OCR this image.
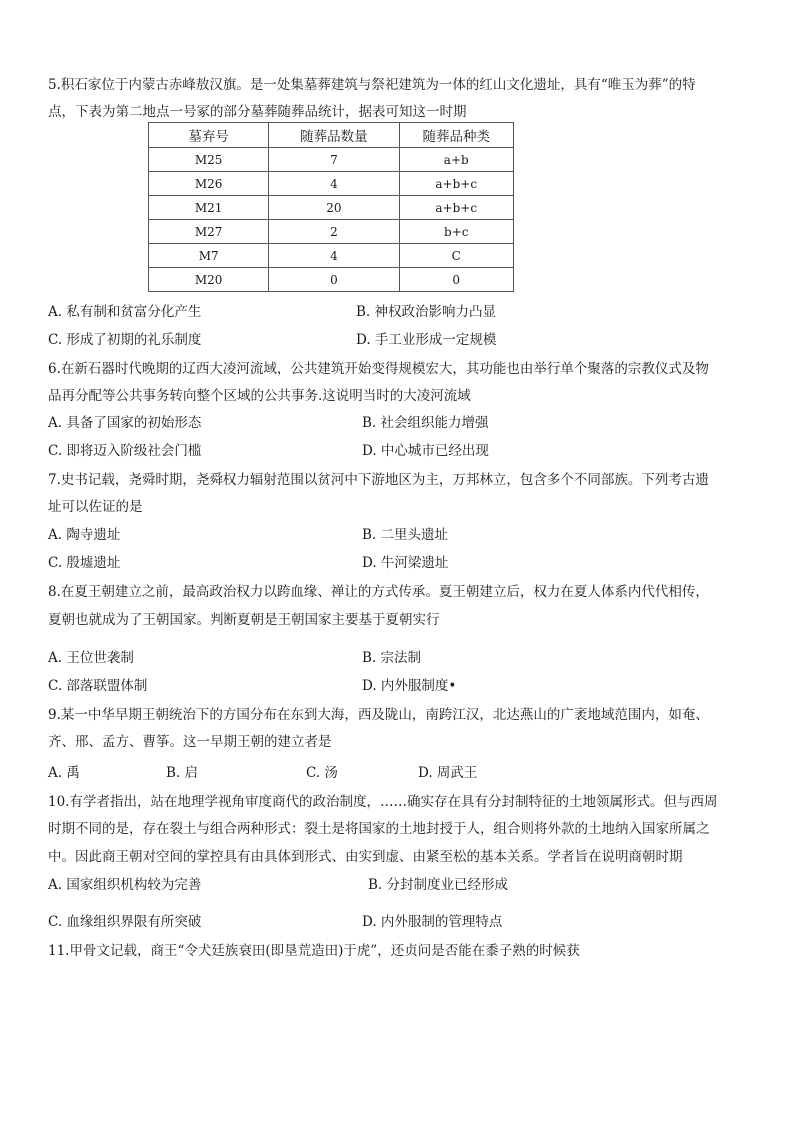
5.积石家位于内蒙古赤峰敖汉旗。是一处集墓葬建筑与祭祀建筑为一体的红山文化遗址，具有“唯玉为葬”的特
点，下表为第二地点一号冢的部分墓葬随葬品统计，据表可知这一时期
墓弃号	随葬品数量	随葬品种类
M25	7	a+b
M26	4	a+b+c
M21	20	a+b+c
M27	2	b+c
M7	4	C
M20	0	0
A. 私有制和贫富分化产生	B. 神权政治影响力凸显
C. 形成了初期的礼乐制度	D. 手工业形成一定规模
6.在新石器时代晚期的辽西大凌河流域，公共建筑开始变得规模宏大，其功能也由举行单个聚落的宗教仪式及物
品再分配等公共事务转向整个区域的公共事务.这说明当时的大凌河流域
A. 具备了国家的初始形态	B. 社会组织能力增强
C. 即将迈入阶级社会门槛	D. 中心城市已经出现
7.史书记载，尧舜时期，尧舜权力辐射范围以贫河中下游地区为主，万邦林立，包含多个不同部族。下列考古遗
址可以佐证的是
A. 陶寺遗址	B. 二里头遗址
C. 殷墟遗址	D. 牛河梁遗址
8.在夏王朝建立之前，最高政治权力以跨血缘、禅让的方式传承。夏王朝建立后，权力在夏人体系内代代相传，
夏朝也就成为了王朝国家。判断夏朝是王朝国家主要基于夏朝实行
A. 王位世袭制	B. 宗法制
C. 部落联盟体制	D. 内外服制度•
9.某一中华早期王朝统治下的方国分布在东到大海，西及陇山，南跨江汉，北达燕山的广袤地域范围内，如奄、
齐、邢、孟方、曹筝。这一早期王朝的建立者是
A. 禹	B. 启	C. 汤	D. 周武王
10.有学者指出，站在地理学视角审度商代的政治制度，……确实存在具有分封制特征的土地领属形式。但与西周
时期不同的是，存在裂土与组合两种形式：裂土是将国家的土地封授于人，组合则将外款的土地纳入国家所属之
中。因此商王朝对空间的掌控具有由具体到形式、由实到虚、由紧至松的基本关系。学者旨在说明商朝时期
A. 国家组织机构较为完善	B. 分封制度业已经形成
C. 血缘组织界限有所突破	D. 内外服制的管理特点
11.甲骨文记载，商王“令犬廷族衰田(即垦荒造田)于虎”，还贞问是否能在黍子熟的时候获
